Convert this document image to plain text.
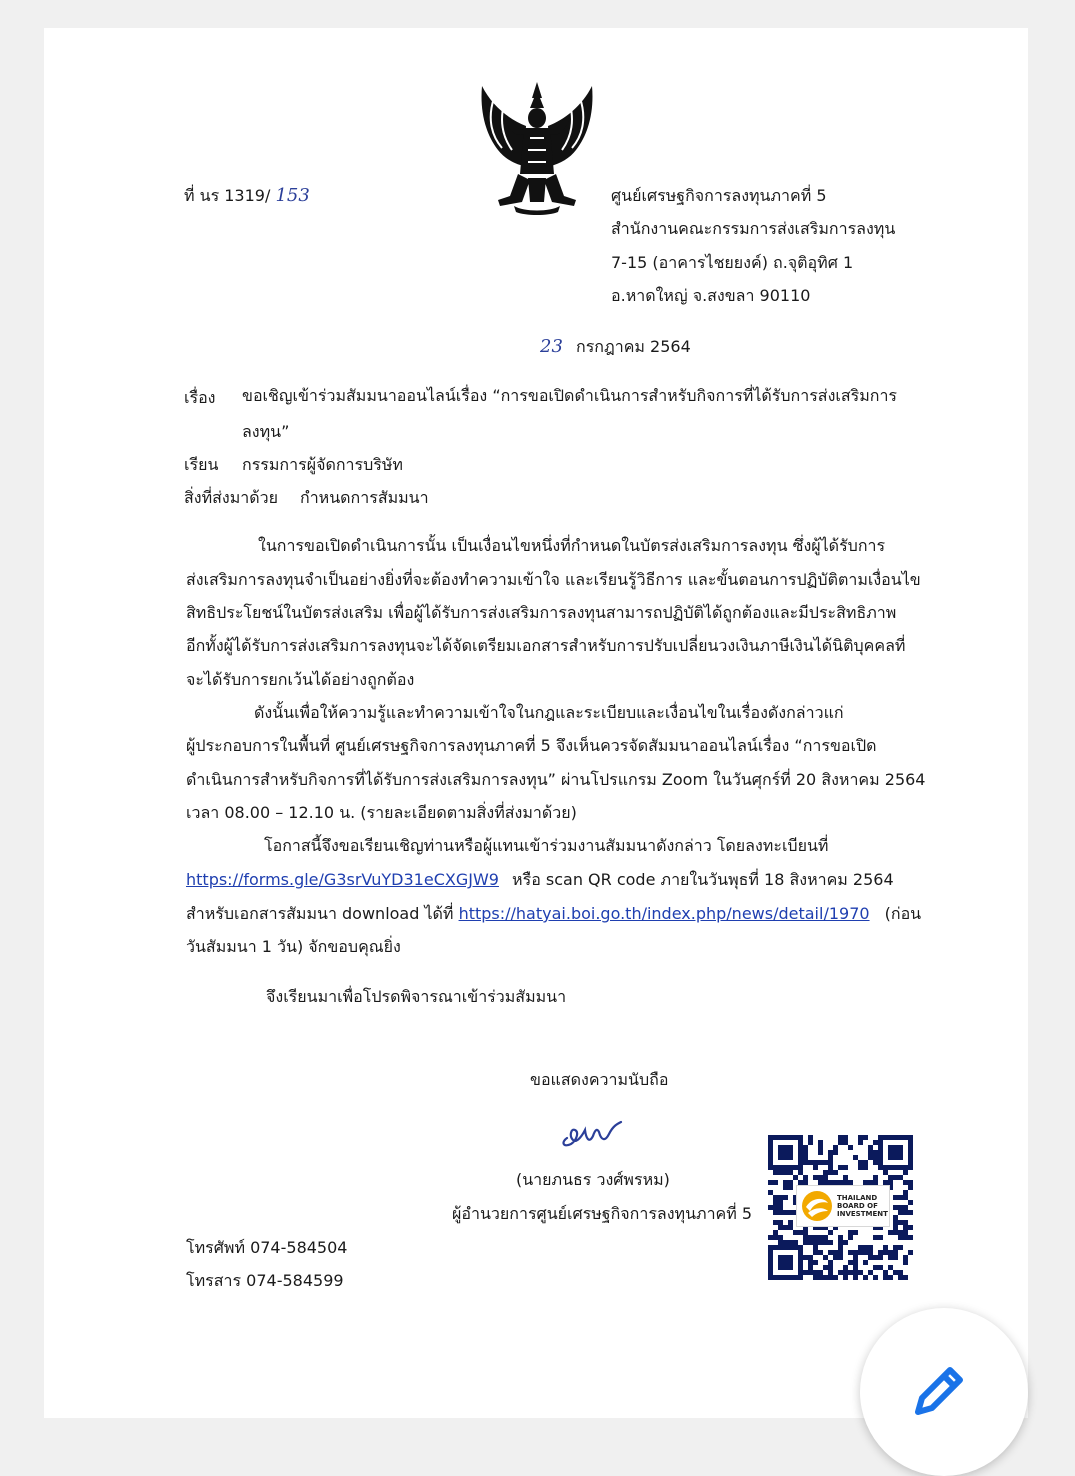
ที่ นร 1319/ 153	ศูนย์เศรษฐกิจการลงทุนภาคที่ 5
สำนักงานคณะกรรมการส่งเสริมการลงทุน
7-15 (อาคารไชยยงค์) ถ.จุติอุทิศ 1
อ.หาดใหญ่ จ.สงขลา 90110
23 กรกฎาคม 2564
เรื่อง ขอเชิญเข้าร่วมสัมมนาออนไลน์เรื่อง “การขอเปิดดำเนินการสำหรับกิจการที่ได้รับการส่งเสริมการ
ลงทุน”
เรียน กรรมการผู้จัดการบริษัท
สิ่งที่ส่งมาด้วย กำหนดการสัมมนา
ในการขอเปิดดำเนินการนั้น เป็นเงื่อนไขหนึ่งที่กำหนดในบัตรส่งเสริมการลงทุน ซึ่งผู้ได้รับการ
ส่งเสริมการลงทุนจำเป็นอย่างยิ่งที่จะต้องทำความเข้าใจ และเรียนรู้วิธีการ และขั้นตอนการปฏิบัติตามเงื่อนไข
สิทธิประโยชน์ในบัตรส่งเสริม เพื่อผู้ได้รับการส่งเสริมการลงทุนสามารถปฏิบัติได้ถูกต้องและมีประสิทธิภาพ
อีกทั้งผู้ได้รับการส่งเสริมการลงทุนจะได้จัดเตรียมเอกสารสำหรับการปรับเปลี่ยนวงเงินภาษีเงินได้นิติบุคคลที่
จะได้รับการยกเว้นได้อย่างถูกต้อง
ดังนั้นเพื่อให้ความรู้และทำความเข้าใจในกฎและระเบียบและเงื่อนไขในเรื่องดังกล่าวแก่
ผู้ประกอบการในพื้นที่ ศูนย์เศรษฐกิจการลงทุนภาคที่ 5 จึงเห็นควรจัดสัมมนาออนไลน์เรื่อง “การขอเปิด
ดำเนินการสำหรับกิจการที่ได้รับการส่งเสริมการลงทุน” ผ่านโปรแกรม Zoom ในวันศุกร์ที่ 20 สิงหาคม 2564
เวลา 08.00 – 12.10 น. (รายละเอียดตามสิ่งที่ส่งมาด้วย)
โอกาสนี้จึงขอเรียนเชิญท่านหรือผู้แทนเข้าร่วมงานสัมมนาดังกล่าว โดยลงทะเบียนที่
https://forms.gle/G3srVuYD31eCXGJW9 หรือ scan QR code ภายในวันพุธที่ 18 สิงหาคม 2564
สำหรับเอกสารสัมมนา download ได้ที่ https://hatyai.boi.go.th/index.php/news/detail/1970 (ก่อน
วันสัมมนา 1 วัน) จักขอบคุณยิ่ง
จึงเรียนมาเพื่อโปรดพิจารณาเข้าร่วมสัมมนา
ขอแสดงความนับถือ
(นายภนธร วงศ์พรหม)
ผู้อำนวยการศูนย์เศรษฐกิจการลงทุนภาคที่ 5
โทรศัพท์ 074-584504
โทรสาร 074-584599
THAILAND BOARD OF INVESTMENT
